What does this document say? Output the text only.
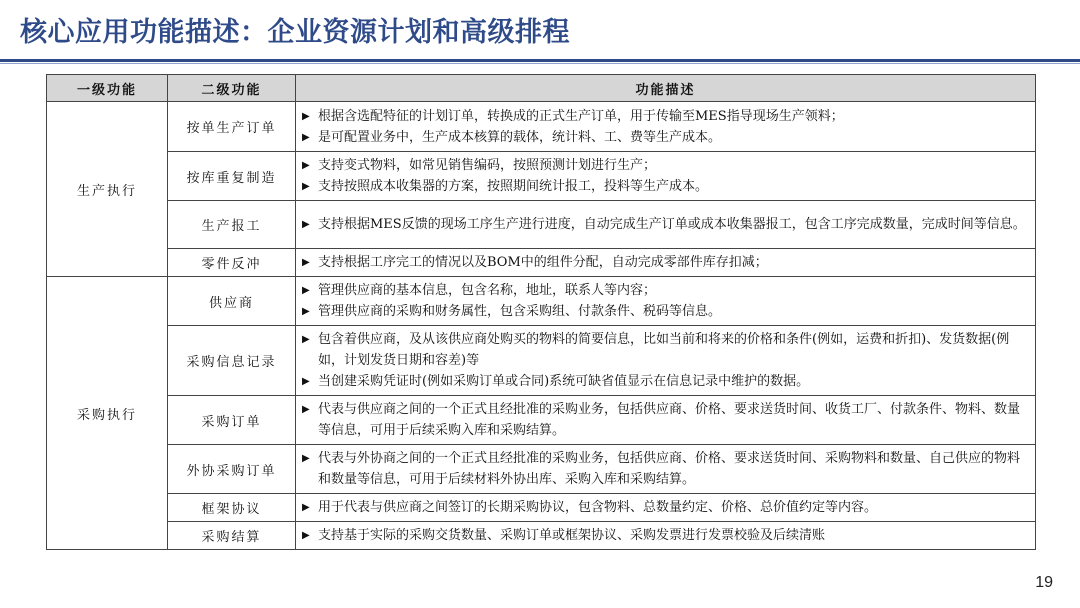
核心应用功能描述：企业资源计划和高级排程
一级功能	二级功能	功能描述
生产执行	按单生产订单	▶ 根据含选配特征的计划订单，转换成的正式生产订单，用于传输至MES指导现场生产领料；
▶ 是可配置业务中，生产成本核算的载体，统计料、工、费等生产成本。

	按库重复制造	▶ 支持变式物料，如常见销售编码，按照预测计划进行生产；
▶ 支持按照成本收集器的方案，按照期间统计报工，投料等生产成本。

	生产报工	▶ 支持根据MES反馈的现场工序生产进行进度，自动完成生产订单或成本收集器报工，包含工序完成数量，完成时间等信息。

	零件反冲	▶ 支持根据工序完工的情况以及BOM中的组件分配，自动完成零部件库存扣减；

采购执行	供应商	▶ 管理供应商的基本信息，包含名称，地址，联系人等内容；
▶ 管理供应商的采购和财务属性，包含采购组、付款条件、税码等信息。

	采购信息记录	▶ 包含着供应商，及从该供应商处购买的物料的简要信息，比如当前和将来的价格和条件(例如，运费和折扣)、发货数据(例如，计划发货日期和容差)等
▶ 当创建采购凭证时(例如采购订单或合同)系统可缺省值显示在信息记录中维护的数据。

	采购订单	▶ 代表与供应商之间的一个正式且经批准的采购业务，包括供应商、价格、要求送货时间、收货工厂、付款条件、物料、数量等信息，可用于后续采购入库和采购结算。

	外协采购订单	▶ 代表与外协商之间的一个正式且经批准的采购业务，包括供应商、价格、要求送货时间、采购物料和数量、自己供应的物料和数量等信息，可用于后续材料外协出库、采购入库和采购结算。

	框架协议	▶ 用于代表与供应商之间签订的长期采购协议，包含物料、总数量约定、价格、总价值约定等内容。

	采购结算	▶ 支持基于实际的采购交货数量、采购订单或框架协议、采购发票进行发票校验及后续清账
19
